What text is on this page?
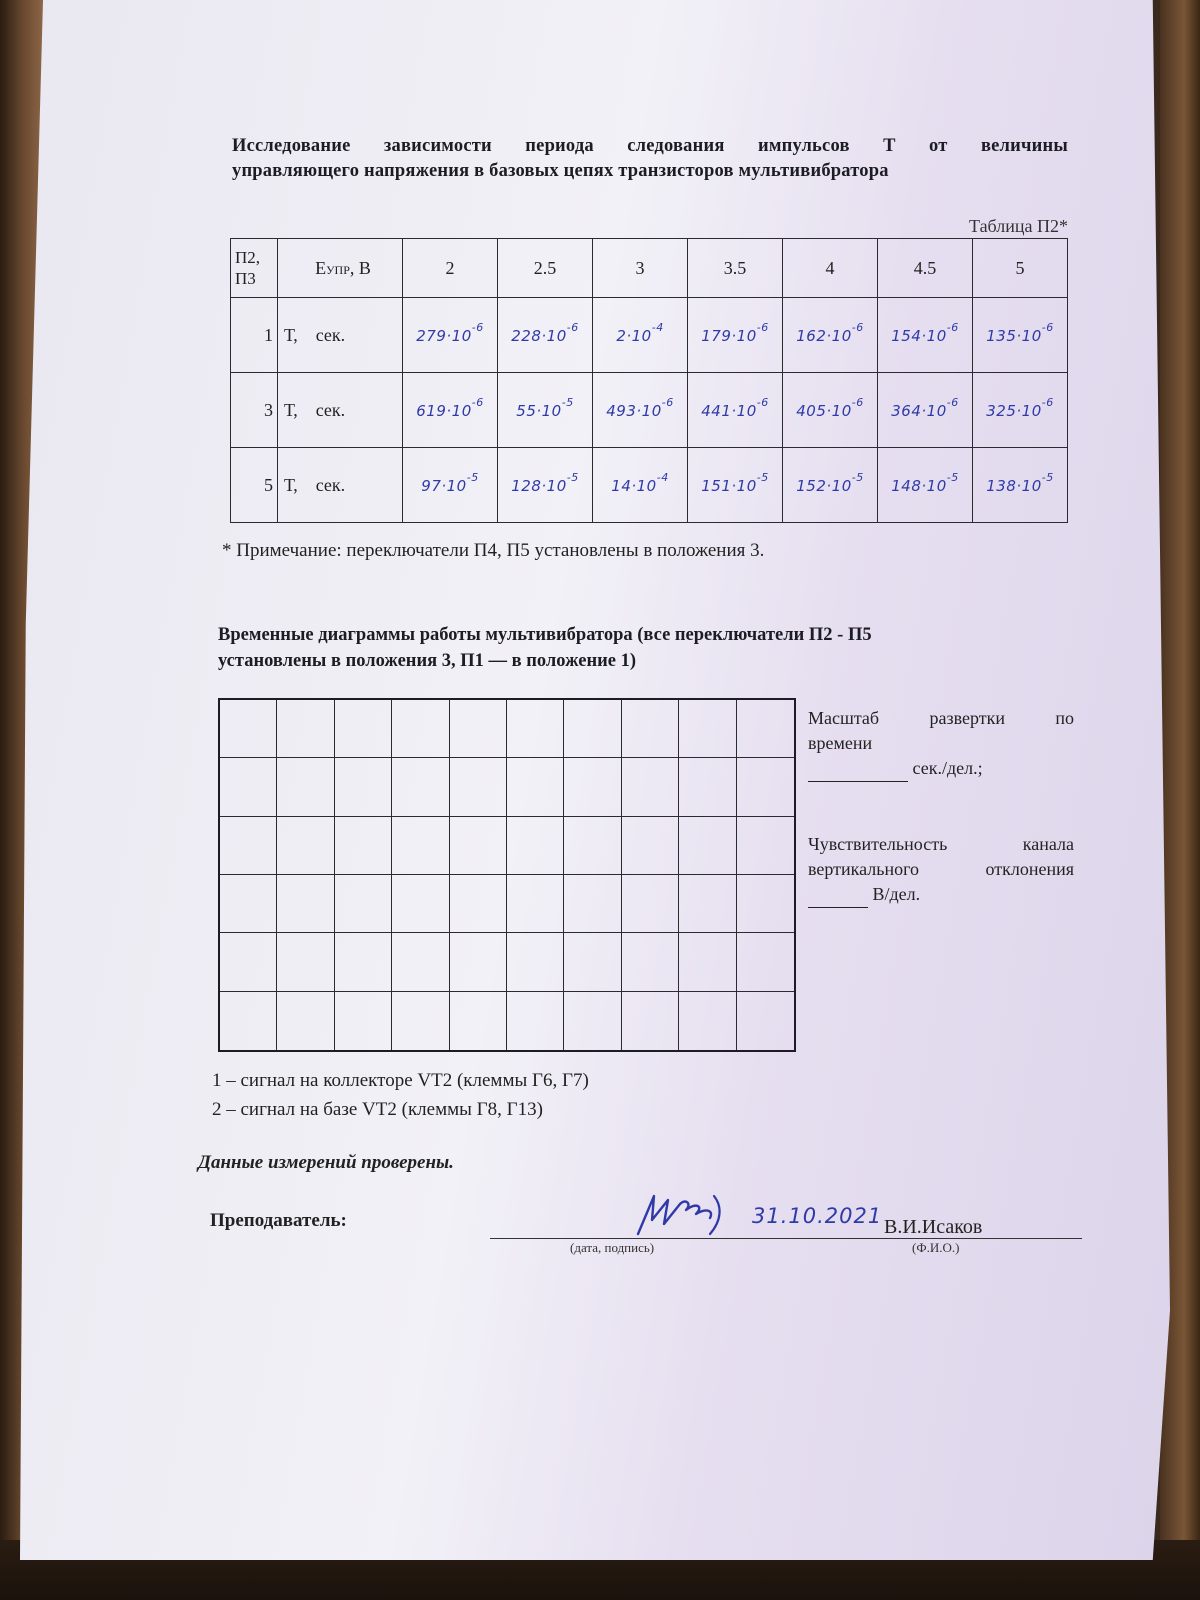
Исследование зависимости периода следования импульсов Т от величины
управляющего напряжения в базовых цепях транзисторов мультивибратора
Таблица П2*
П2, П3	ЕУПР, В	2	2.5	3	3.5	4	4.5	5
1	Т,    сек.	$279\cdot 10^{-6}$	$228\cdot 10^{-6}$	$2\cdot 10^{-4}$	$179\cdot 10^{-6}$	$162\cdot 10^{-6}$	$154\cdot 10^{-6}$	$135\cdot 10^{-6}$
3	Т,    сек.	$619\cdot 10^{-6}$	$55\cdot 10^{-5}$	$493\cdot 10^{-6}$	$441\cdot 10^{-6}$	$405\cdot 10^{-6}$	$364\cdot 10^{-6}$	$325\cdot 10^{-6}$
5	Т,    сек.	$97\cdot 10^{-5}$	$128\cdot 10^{-5}$	$14\cdot 10^{-4}$	$151\cdot 10^{-5}$	$152\cdot 10^{-5}$	$148\cdot 10^{-5}$	$138\cdot 10^{-5}$
* Примечание: переключатели П4, П5 установлены в положения 3.
Временные диаграммы работы мультивибратора (все переключатели П2 - П5
установлены в положения 3, П1 — в положение 1)
Масштаб развертки по
времени
сек./дел.;
Чувствительность канала
вертикального отклонения
В/дел.
1 – сигнал на коллекторе VT2 (клеммы Г6, Г7)
2 – сигнал на базе VT2 (клеммы Г8, Г13)
Данные измерений проверены.
Преподаватель:	31.10.2021 В.И.Исаков
(дата, подпись)	(Ф.И.О.)
